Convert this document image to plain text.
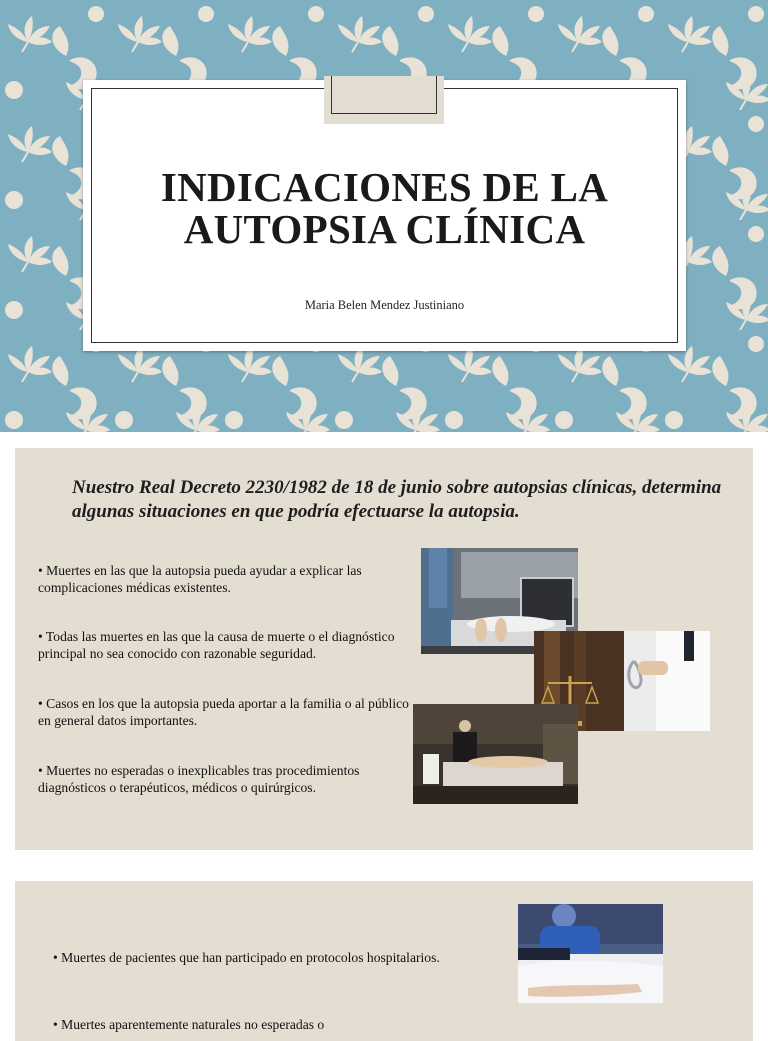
INDICACIONES DE LA
AUTOPSIA CLÍNICA
Maria Belen Mendez Justiniano
Nuestro Real Decreto 2230/1982 de 18 de junio sobre autopsias clínicas, determina algunas situaciones en que podría efectuarse la autopsia.

• Muertes en las que la autopsia pueda ayudar a explicar las complicaciones médicas existentes.

• Todas las muertes en las que la causa de muerte o el diagnóstico principal no sea conocido con razonable seguridad.

• Casos en los que la autopsia pueda aportar a la familia o al público en general datos importantes.

• Muertes no esperadas o inexplicables tras procedimientos diagnósticos o terapéuticos, médicos o quirúrgicos.

• Muertes de pacientes que han participado en protocolos hospitalarios.

• Muertes aparentemente naturales no esperadas o
